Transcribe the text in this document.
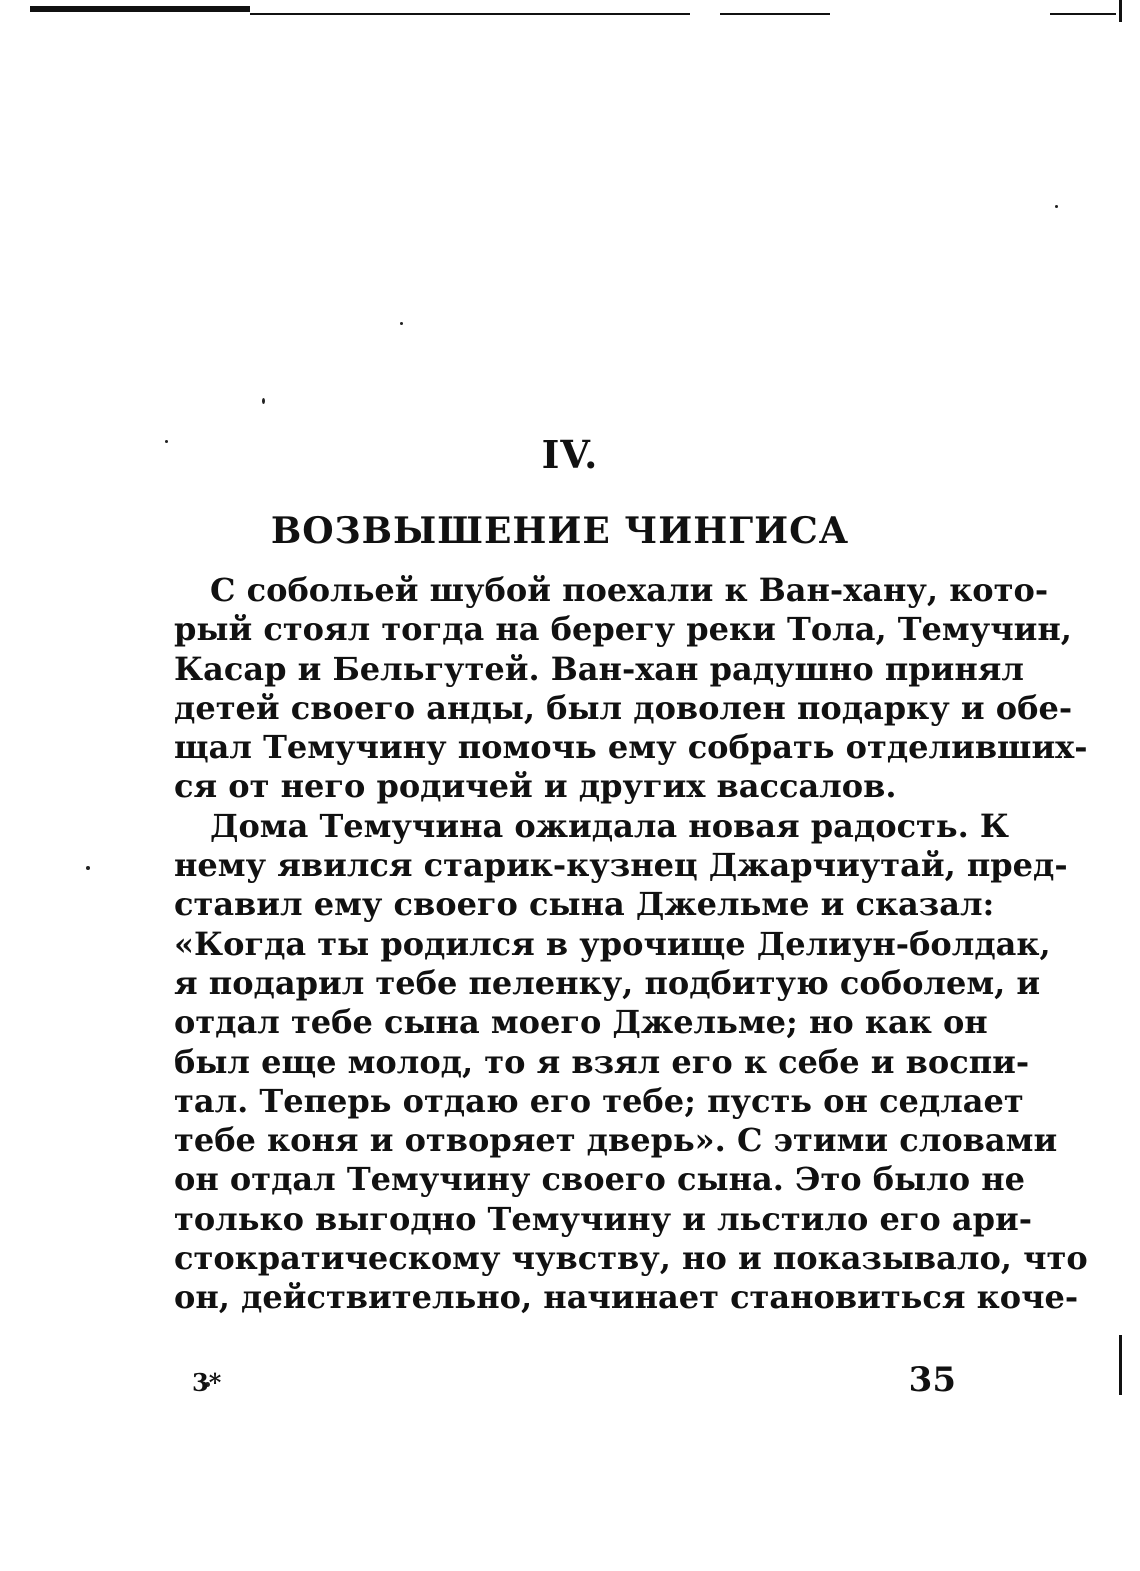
IV.
ВОЗВЫШЕНИЕ ЧИНГИСА
С собольей шубой поехали к Ван-хану, кото-
рый стоял тогда на берегу реки Тола, Темучин,
Касар и Бельгутей. Ван-хан радушно принял
детей своего анды, был доволен подарку и обе-
щал Темучину помочь ему собрать отделивших-
ся от него родичей и других вассалов.
Дома Темучина ожидала новая радость. К
нему явился старик-кузнец Джарчиутай, пред-
ставил ему своего сына Джельме и сказал:
«Когда ты родился в урочище Делиун-болдак,
я подарил тебе пеленку, подбитую соболем, и
отдал тебе сына моего Джельме; но как он
был еще молод, то я взял его к себе и воспи-
тал. Теперь отдаю его тебе; пусть он седлает
тебе коня и отворяет дверь». С этими словами
он отдал Темучину своего сына. Это было не
только выгодно Темучину и льстило его ари-
стократическому чувству, но и показывало, что
он, действительно, начинает становиться коче-
3*	35
